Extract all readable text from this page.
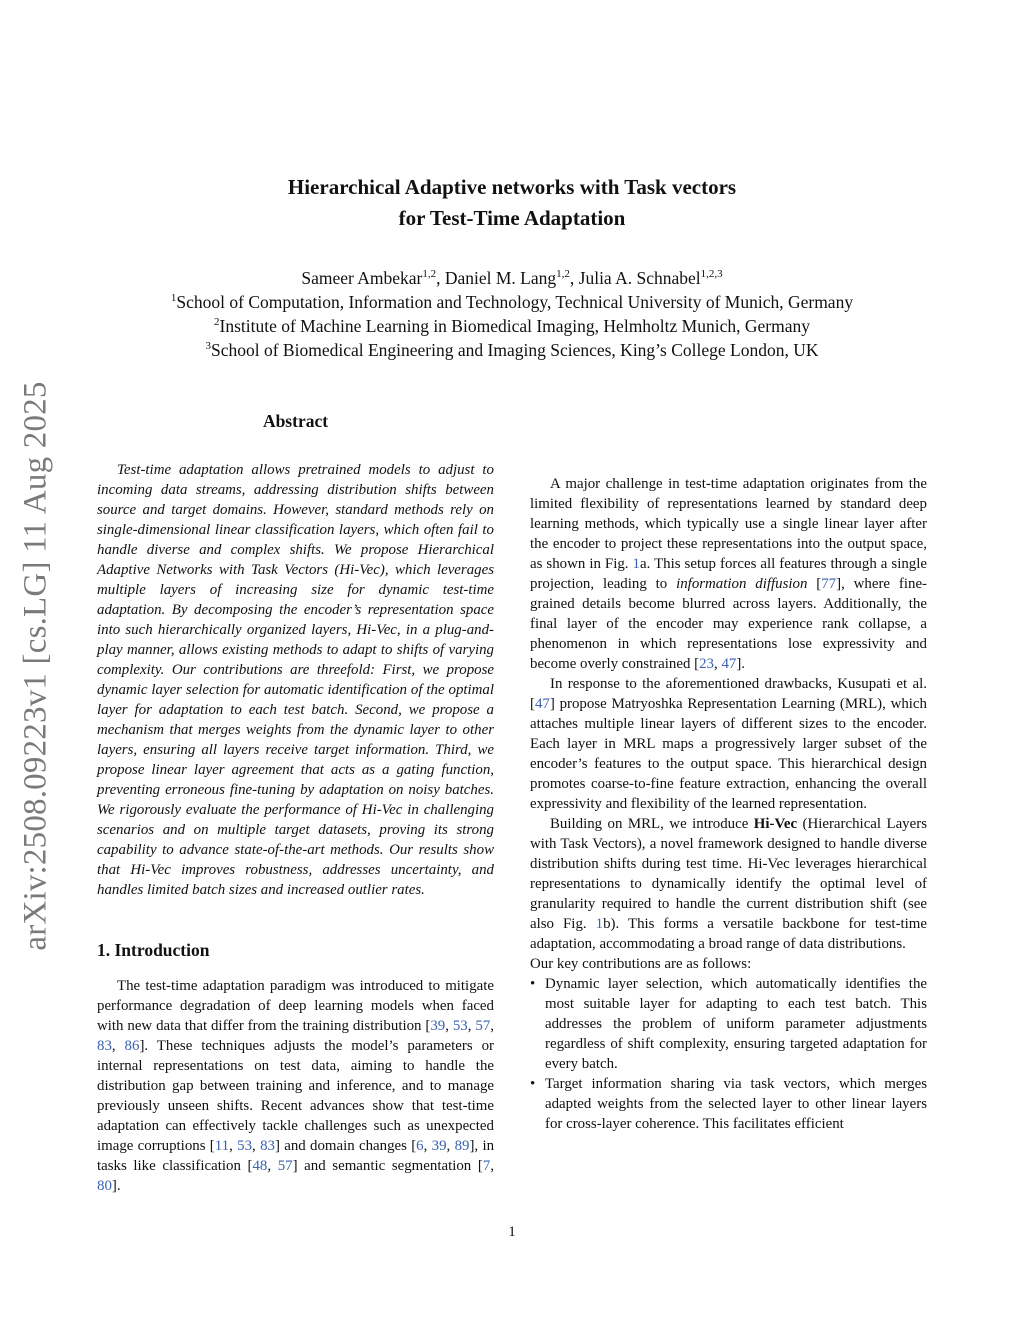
Hierarchical Adaptive networks with Task vectors
for Test-Time Adaptation
Sameer Ambekar$^{1,2}$, Daniel M. Lang$^{1,2}$, Julia A. Schnabel$^{1,2,3}$
$^1$School of Computation, Information and Technology, Technical University of Munich, Germany
$^2$Institute of Machine Learning in Biomedical Imaging, Helmholtz Munich, Germany
$^3$School of Biomedical Engineering and Imaging Sciences, King’s College London, UK
arXiv:2508.09223v1 [cs.LG] 11 Aug 2025	Abstract

Test-time adaptation allows pretrained models to adjust to incoming data streams, addressing distribution shifts between source and target domains. However, standard methods rely on single-dimensional linear classification layers, which often fail to handle diverse and complex shifts. We propose Hierarchical Adaptive Networks with Task Vectors (Hi-Vec), which leverages multiple layers of increasing size for dynamic test-time adaptation. By decomposing the encoder’s representation space into such hierarchically organized layers, Hi-Vec, in a plug-and-play manner, allows existing methods to adapt to shifts of varying complexity. Our contributions are threefold: First, we propose dynamic layer selection for automatic identification of the optimal layer for adaptation to each test batch. Second, we propose a mechanism that merges weights from the dynamic layer to other layers, ensuring all layers receive target information. Third, we propose linear layer agreement that acts as a gating function, preventing erroneous fine-tuning by adaptation on noisy batches. We rigorously evaluate the performance of Hi-Vec in challenging scenarios and on multiple target datasets, proving its strong capability to advance state-of-the-art methods. Our results show that Hi-Vec improves robustness, addresses uncertainty, and handles limited batch sizes and increased outlier rates.

1. Introduction

The test-time adaptation paradigm was introduced to mitigate performance degradation of deep learning models when faced with new data that differ from the training distribution [39, 53, 57, 83, 86]. These techniques adjusts the model’s parameters or internal representations on test data, aiming to handle the distribution gap between training and inference, and to manage previously unseen shifts. Recent advances show that test-time adaptation can effectively tackle challenges such as unexpected image corruptions [11, 53, 83] and domain changes [6, 39, 89], in tasks like classification [48, 57] and semantic segmentation [7, 80].

A major challenge in test-time adaptation originates from the limited flexibility of representations learned by standard deep learning methods, which typically use a single linear layer after the encoder to project these representations into the output space, as shown in Fig. 1a. This setup forces all features through a single projection, leading to information diffusion [77], where fine-grained details become blurred across layers. Additionally, the final layer of the encoder may experience rank collapse, a phenomenon in which representations lose expressivity and become overly constrained [23, 47].

In response to the aforementioned drawbacks, Kusupati et al. [47] propose Matryoshka Representation Learning (MRL), which attaches multiple linear layers of different sizes to the encoder. Each layer in MRL maps a progressively larger subset of the encoder’s features to the output space. This hierarchical design promotes coarse-to-fine feature extraction, enhancing the overall expressivity and flexibility of the learned representation.

Building on MRL, we introduce Hi-Vec (Hierarchical Layers with Task Vectors), a novel framework designed to handle diverse distribution shifts during test time. Hi-Vec leverages hierarchical representations to dynamically identify the optimal level of granularity required to handle the current distribution shift (see also Fig. 1b). This forms a versatile backbone for test-time adaptation, accommodating a broad range of data distributions.

Our key contributions are as follows:

• Dynamic layer selection, which automatically identifies the most suitable layer for adapting to each test batch. This addresses the problem of uniform parameter adjustments regardless of shift complexity, ensuring targeted adaptation for every batch.
• Target information sharing via task vectors, which merges adapted weights from the selected layer to other linear layers for cross-layer coherence. This facilitates efficient
1
